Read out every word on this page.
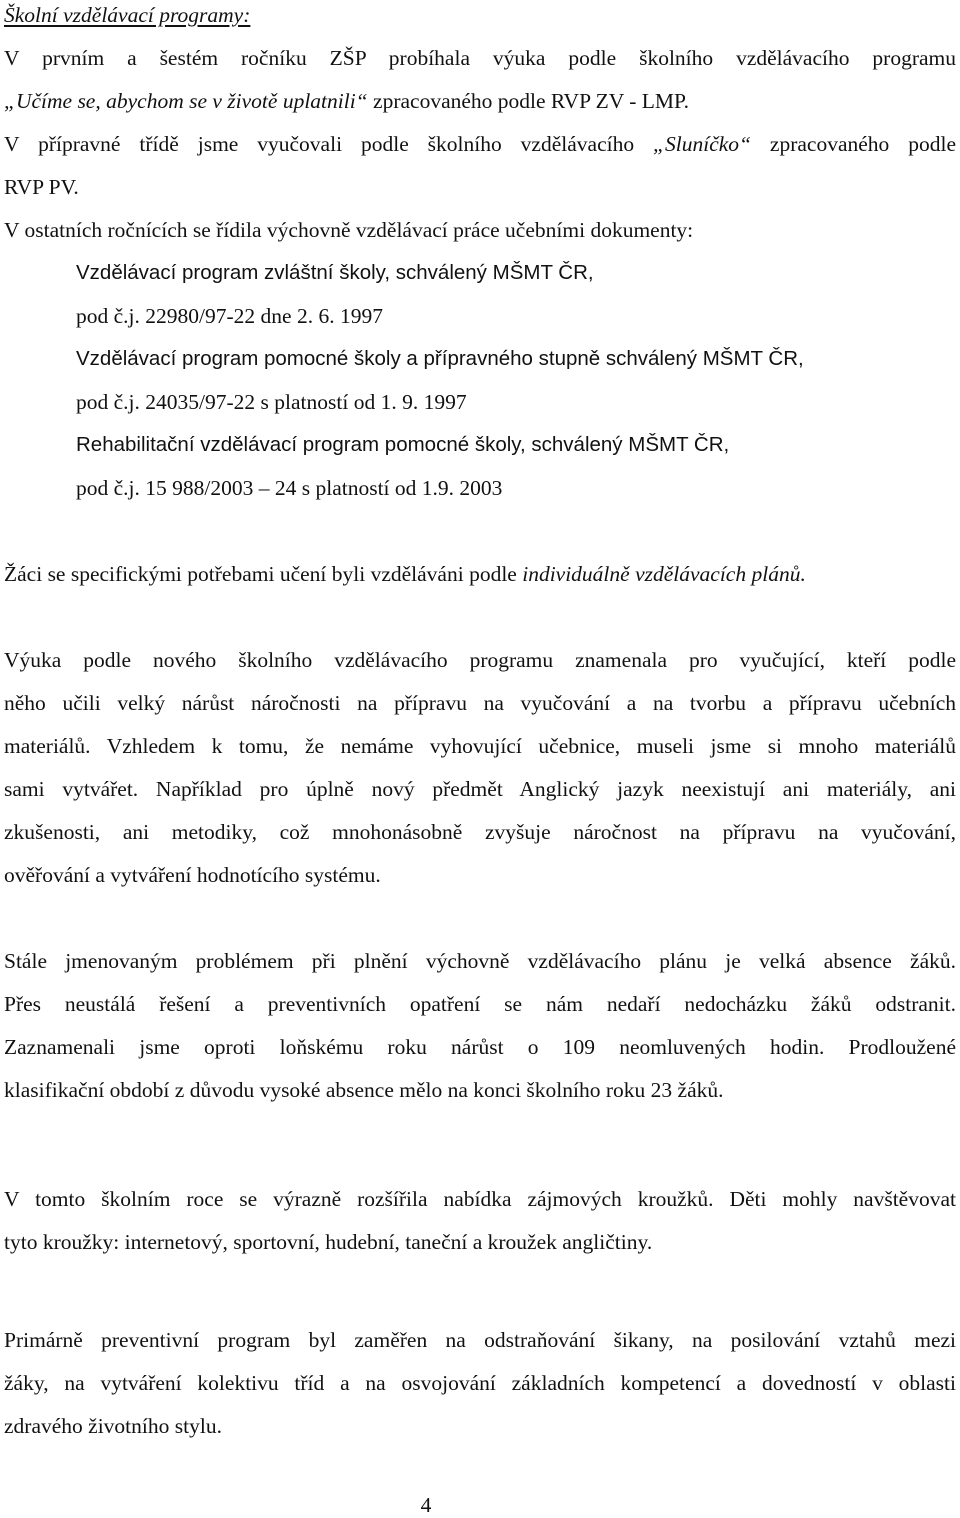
Školní vzdělávací programy:
V prvním a šestém ročníku ZŠP probíhala výuka podle školního vzdělávacího programu
„Učíme se, abychom se v životě uplatnili“ zpracovaného podle RVP ZV - LMP.
V přípravné třídě jsme vyučovali podle školního vzdělávacího „Sluníčko“ zpracovaného podle
RVP PV.
V ostatních ročnících se řídila výchovně vzdělávací práce učebními dokumenty:
Vzdělávací program zvláštní školy, schválený MŠMT ČR,
pod č.j. 22980/97-22 dne 2. 6. 1997
Vzdělávací program pomocné školy a přípravného stupně schválený MŠMT ČR,
pod č.j. 24035/97-22 s platností od 1. 9. 1997
Rehabilitační vzdělávací program pomocné školy, schválený MŠMT ČR,
pod č.j. 15 988/2003 – 24 s platností od 1.9. 2003
Žáci se specifickými potřebami učení byli vzděláváni podle individuálně vzdělávacích plánů.
Výuka podle nového školního vzdělávacího programu znamenala pro vyučující, kteří podle
něho učili velký nárůst náročnosti na přípravu na vyučování a na tvorbu a přípravu učebních
materiálů. Vzhledem k tomu, že nemáme vyhovující učebnice, museli jsme si mnoho materiálů
sami vytvářet. Například pro úplně nový předmět Anglický jazyk neexistují ani materiály, ani
zkušenosti, ani metodiky, což mnohonásobně zvyšuje náročnost na přípravu na vyučování,
ověřování a vytváření hodnotícího systému.
Stále jmenovaným problémem při plnění výchovně vzdělávacího plánu je velká absence žáků.
Přes neustálá řešení a preventivních opatření se nám nedaří nedocházku žáků odstranit.
Zaznamenali jsme oproti loňskému roku nárůst o 109 neomluvených hodin. Prodloužené
klasifikační období z důvodu vysoké absence mělo na konci školního roku 23 žáků.
V tomto školním roce se výrazně rozšířila nabídka zájmových kroužků. Děti mohly navštěvovat
tyto kroužky: internetový, sportovní, hudební, taneční a kroužek angličtiny.
Primárně preventivní program byl zaměřen na odstraňování šikany, na posilování vztahů mezi
žáky, na vytváření kolektivu tříd a na osvojování základních kompetencí a dovedností v oblasti
zdravého životního stylu.
4
